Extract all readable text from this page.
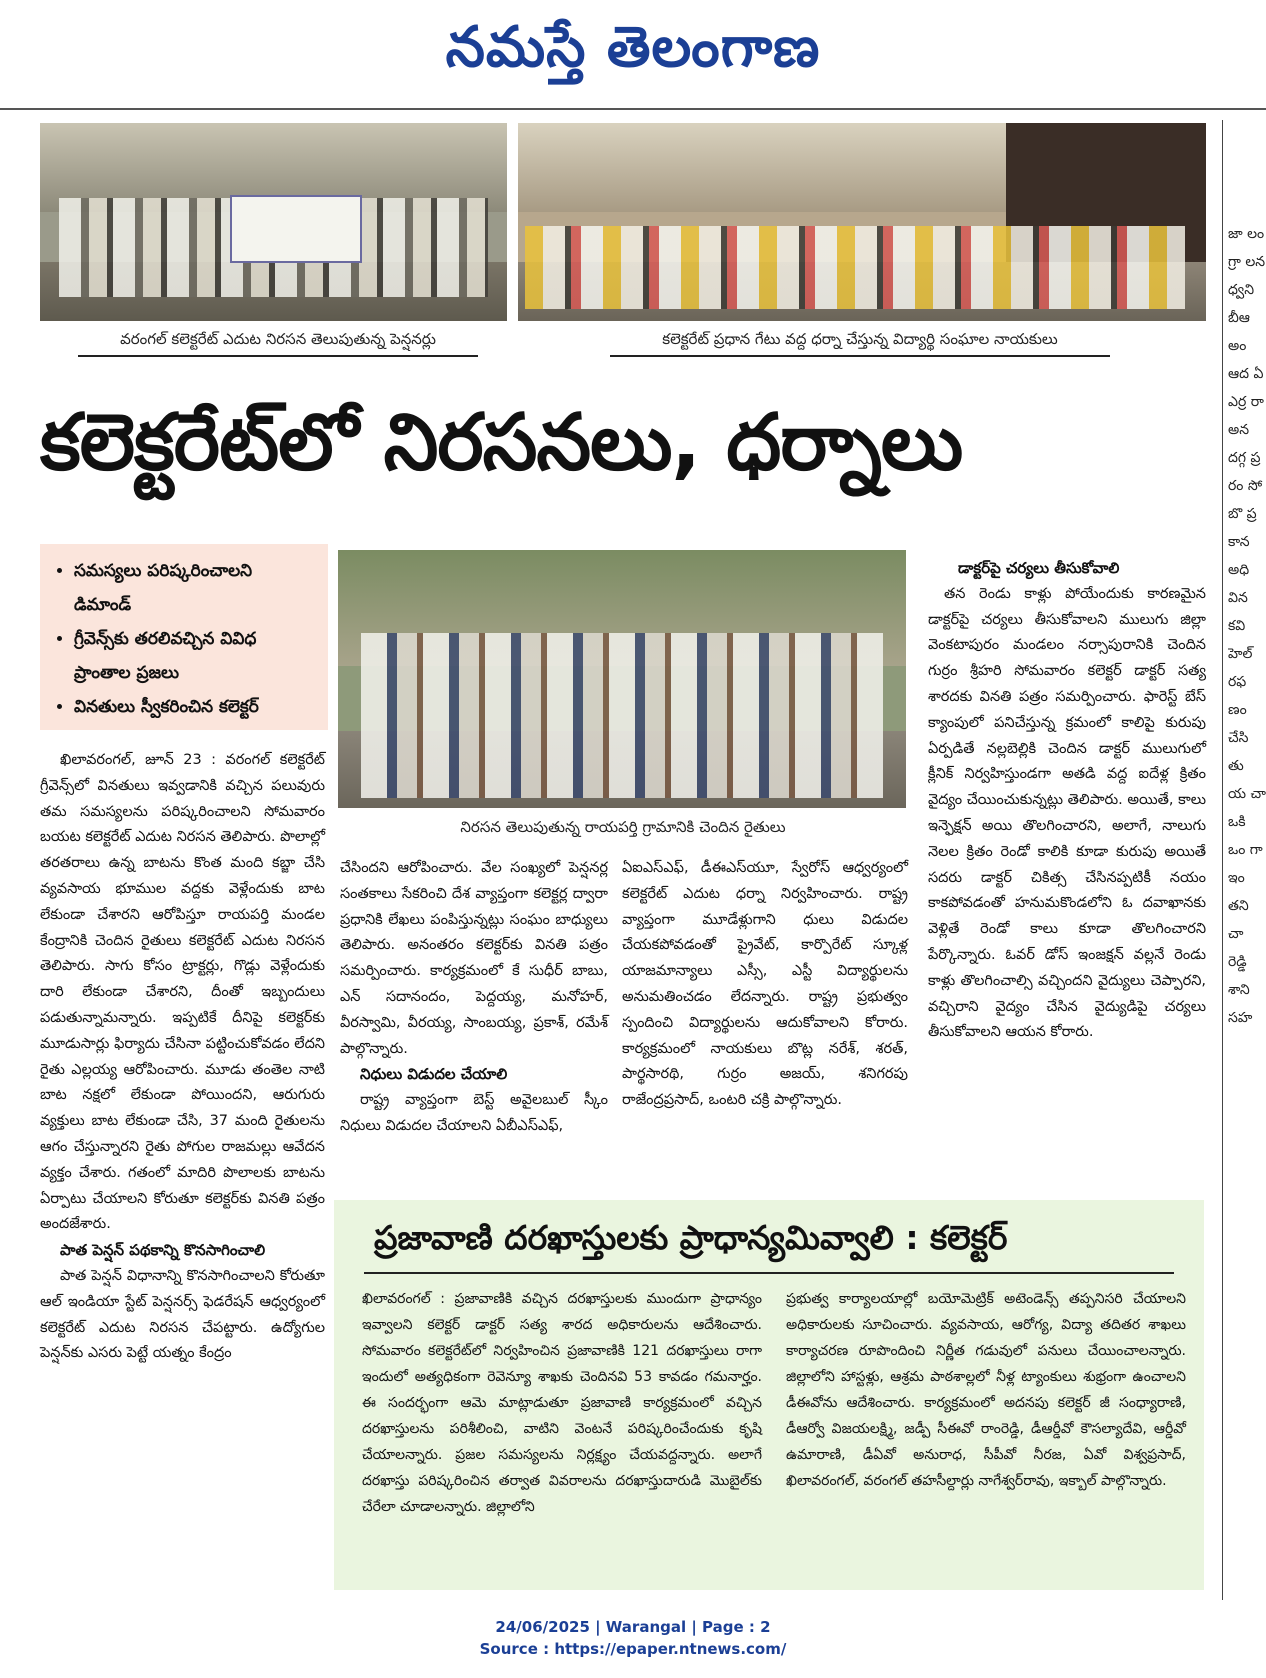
నమస్తే తెలంగాణ
వరంగల్ కలెక్టరేట్ ఎదుట నిరసన తెలుపుతున్న పెన్షనర్లు	కలెక్టరేట్ ప్రధాన గేటు వద్ద ధర్నా చేస్తున్న విద్యార్థి సంఘాల నాయకులు
కలెక్టరేట్‌లో నిరసనలు, ధర్నాలు
• సమస్యలు పరిష్కరించాలని డిమాండ్
• గ్రీవెన్స్‌కు తరలివచ్చిన వివిధ ప్రాంతాల ప్రజలు
• వినతులు స్వీకరించిన కలెక్టర్
నిరసన తెలుపుతున్న రాయపర్తి గ్రామానికి చెందిన రైతులు

ఖిలావరంగల్, జూన్ 23 : వరంగల్ కలెక్టరేట్ గ్రీవెన్స్‌లో వినతులు ఇవ్వడానికి వచ్చిన పలువురు తమ సమస్యలను పరిష్కరించాలని సోమవారం బయట కలెక్టరేట్ ఎదుట నిరసన తెలిపారు. పొలాల్లో తరతరాలు ఉన్న బాటను కొంత మంది కబ్జా చేసి వ్యవసాయ భూముల వద్దకు వెళ్లేందుకు బాట లేకుండా చేశారని ఆరోపిస్తూ రాయపర్తి మండల కేంద్రానికి చెందిన రైతులు కలెక్టరేట్ ఎదుట నిరసన తెలిపారు. సాగు కోసం ట్రాక్టర్లు, గొడ్లు వెళ్లేందుకు దారి లేకుండా చేశారని, దీంతో ఇబ్బందులు పడుతున్నామన్నారు. ఇప్పటికే దీనిపై కలెక్టర్‌కు మూడుసార్లు ఫిర్యాదు చేసినా పట్టించుకోవడం లేదని రైతు ఎల్లయ్య ఆరోపించారు. మూడు తంతెల నాటి బాట నక్షలో లేకుండా పోయిందని, ఆరుగురు వ్యక్తులు బాట లేకుండా చేసి, 37 మంది రైతులను ఆగం చేస్తున్నారని రైతు పోగుల రాజమల్లు ఆవేదన వ్యక్తం చేశారు. గతంలో మాదిరి పొలాలకు బాటను ఏర్పాటు చేయాలని కోరుతూ కలెక్టర్‌కు వినతి పత్రం అందజేశారు.

పాత పెన్షన్ పథకాన్ని కొనసాగించాలి

పాత పెన్షన్ విధానాన్ని కొనసాగించాలని కోరుతూ ఆల్ ఇండియా స్టేట్ పెన్షనర్స్ ఫెడరేషన్ ఆధ్వర్యంలో కలెక్టరేట్ ఎదుట నిరసన చేపట్టారు. ఉద్యోగుల పెన్షన్‌కు ఎసరు పెట్టే యత్నం కేంద్రం

చేసిందని ఆరోపించారు. వేల సంఖ్యలో పెన్షనర్ల సంతకాలు సేకరించి దేశ వ్యాప్తంగా కలెక్టర్ల ద్వారా ప్రధానికి లేఖలు పంపిస్తున్నట్లు సంఘం బాధ్యులు తెలిపారు. అనంతరం కలెక్టర్‌కు వినతి పత్రం సమర్పించారు. కార్యక్రమంలో కే సుధీర్ బాబు, ఎన్ సదానందం, పెద్దయ్య, మనోహర్, వీరస్వామి, వీరయ్య, సాంబయ్య, ప్రకాశ్, రమేశ్ పాల్గొన్నారు.

నిధులు విడుదల చేయాలి

రాష్ట్ర వ్యాప్తంగా బెస్ట్ అవైలబుల్ స్కీం నిధులు విడుదల చేయాలని ఏబీఎస్‌ఎఫ్,

ఏఐఎస్‌ఎఫ్, డీఈఎస్‌యూ, స్వేరోస్ ఆధ్వర్యంలో కలెక్టరేట్ ఎదుట ధర్నా నిర్వహించారు. రాష్ట్ర వ్యాప్తంగా మూడేళ్లుగాని ధులు విడుదల చేయకపోవడంతో ప్రైవేట్, కార్పొరేట్ స్కూళ్ల యాజమాన్యాలు ఎస్సీ, ఎస్టీ విద్యార్థులను అనుమతించడం లేదన్నారు. రాష్ట్ర ప్రభుత్వం స్పందించి విద్యార్థులను ఆదుకోవాలని కోరారు. కార్యక్రమంలో నాయకులు బొట్ల నరేశ్, శరత్, పార్థసారథి, గుర్రం అజయ్, శనిగరపు రాజేంద్రప్రసాద్, ఒంటరి చక్రి పాల్గొన్నారు.

డాక్టర్‌పై చర్యలు తీసుకోవాలి

తన రెండు కాళ్లు పోయేందుకు కారణమైన డాక్టర్‌పై చర్యలు తీసుకోవాలని ములుగు జిల్లా వెంకటాపురం మండలం నర్సాపురానికి చెందిన గుర్రం శ్రీహరి సోమవారం కలెక్టర్ డాక్టర్ సత్య శారదకు వినతి పత్రం సమర్పించారు. ఫారెస్ట్ బేస్ క్యాంపులో పనిచేస్తున్న క్రమంలో కాలిపై కురుపు ఏర్పడితే నల్లబెల్లికి చెందిన డాక్టర్ ములుగులో క్లీనిక్ నిర్వహిస్తుండగా అతడి వద్ద ఐదేళ్ల క్రితం వైద్యం చేయించుకున్నట్లు తెలిపారు. అయితే, కాలు ఇన్ఫెక్షన్ అయి తొలగించారని, అలాగే, నాలుగు నెలల క్రితం రెండో కాలికి కూడా కురుపు అయితే సదరు డాక్టర్ చికిత్స చేసినప్పటికీ నయం కాకపోవడంతో హనుమకొండలోని ఓ దవాఖానకు వెళ్లితే రెండో కాలు కూడా తొలగించారని పేర్కొన్నారు. ఓవర్ డోస్ ఇంజక్షన్ వల్లనే రెండు కాళ్లు తొలగించాల్సి వచ్చిందని వైద్యులు చెప్పారని, వచ్చిరాని వైద్యం చేసిన వైద్యుడిపై చర్యలు తీసుకోవాలని ఆయన కోరారు.

జా లం గ్రా లన ధ్వని బీఆ అం ఆద ఏ ఎర్ర రా అన దగ్గ ప్ర రం సో బొ ప్ర కాన అధి విన కవి హెల్ రఫ ణం చేసి తు య చా ఒకి ఒం గా ఇం తని చా రెడ్డి శాని సహ
ప్రజావాణి దరఖాస్తులకు ప్రాధాన్యమివ్వాలి : కలెక్టర్
ఖిలావరంగల్ : ప్రజావాణికి వచ్చిన దరఖాస్తులకు ముందుగా ప్రాధాన్యం ఇవ్వాలని కలెక్టర్ డాక్టర్ సత్య శారద అధికారులను ఆదేశించారు. సోమవారం కలెక్టరేట్‌లో నిర్వహించిన ప్రజావాణికి 121 దరఖాస్తులు రాగా ఇందులో అత్యధికంగా రెవెన్యూ శాఖకు చెందినవి 53 కావడం గమనార్హం. ఈ సందర్భంగా ఆమె మాట్లాడుతూ ప్రజావాణి కార్యక్రమంలో వచ్చిన దరఖాస్తులను పరిశీలించి, వాటిని వెంటనే పరిష్కరించేందుకు కృషి చేయాలన్నారు. ప్రజల సమస్యలను నిర్లక్ష్యం చేయవద్దన్నారు. అలాగే దరఖాస్తు పరిష్కరించిన తర్వాత వివరాలను దరఖాస్తుదారుడి మొబైల్‌కు చేరేలా చూడాలన్నారు. జిల్లాలోని
ప్రభుత్వ కార్యాలయాల్లో బయోమెట్రిక్ అటెండెన్స్ తప్పనిసరి చేయాలని అధికారులకు సూచించారు. వ్యవసాయ, ఆరోగ్య, విద్యా తదితర శాఖలు కార్యాచరణ రూపొందించి నిర్ణీత గడువులో పనులు చేయించాలన్నారు. జిల్లాలోని హాస్టళ్లు, ఆశ్రమ పాఠశాల్లలో నీళ్ల ట్యాంకులు శుభ్రంగా ఉంచాలని డీఈవోను ఆదేశించారు. కార్యక్రమంలో అదనపు కలెక్టర్ జీ సంధ్యారాణి, డీఆర్వో విజయలక్ష్మి, జడ్పీ సీఈవో రాంరెడ్డి, డీఆర్డీవో కౌసల్యాదేవి, ఆర్డీవో ఉమారాణి, డీఏవో అనురాధ, సీపీవో నీరజ, ఏవో విశ్వప్రసాద్, ఖిలావరంగల్, వరంగల్ తహసీల్దార్లు నాగేశ్వర్‌రావు, ఇక్బాల్ పాల్గొన్నారు.
24/06/2025 | Warangal | Page : 2
Source : https://epaper.ntnews.com/
